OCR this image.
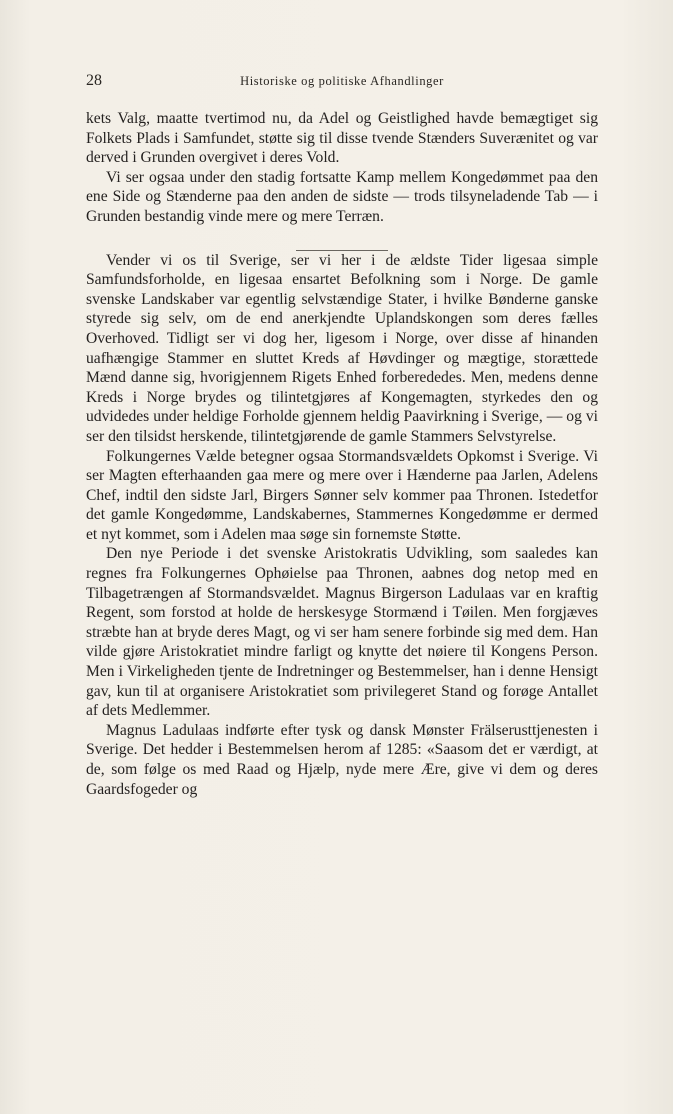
28	Historiske og politiske Afhandlinger

kets Valg, maatte tvertimod nu, da Adel og Geistlighed havde bemægtiget sig Folkets Plads i Samfundet, støtte sig til disse tvende Stænders Suverænitet og var derved i Grunden overgivet i deres Vold.

Vi ser ogsaa under den stadig fortsatte Kamp mellem Kongedømmet paa den ene Side og Stænderne paa den anden de sidste — trods tilsyneladende Tab — i Grunden bestandig vinde mere og mere Terræn.

Vender vi os til Sverige, ser vi her i de ældste Tider ligesaa simple Samfundsforholde, en ligesaa ensartet Befolkning som i Norge. De gamle svenske Landskaber var egentlig selvstændige Stater, i hvilke Bønderne ganske styrede sig selv, om de end anerkjendte Uplandskongen som deres fælles Overhoved. Tidligt ser vi dog her, ligesom i Norge, over disse af hinanden uafhængige Stammer en sluttet Kreds af Høvdinger og mægtige, storættede Mænd danne sig, hvorigjennem Rigets Enhed forberededes. Men, medens denne Kreds i Norge brydes og tilintetgjøres af Kongemagten, styrkedes den og udvidedes under heldige Forholde gjennem heldig Paavirkning i Sverige, — og vi ser den tilsidst herskende, tilintetgjørende de gamle Stammers Selvstyrelse.

Folkungernes Vælde betegner ogsaa Stormandsvældets Opkomst i Sverige. Vi ser Magten efterhaanden gaa mere og mere over i Hænderne paa Jarlen, Adelens Chef, indtil den sidste Jarl, Birgers Sønner selv kommer paa Thronen. Istedetfor det gamle Kongedømme, Landskabernes, Stammernes Kongedømme er dermed et nyt kommet, som i Adelen maa søge sin fornemste Støtte.

Den nye Periode i det svenske Aristokratis Udvikling, som saaledes kan regnes fra Folkungernes Ophøielse paa Thronen, aabnes dog netop med en Tilbagetrængen af Stormandsvældet. Magnus Birgerson Ladulaas var en kraftig Regent, som forstod at holde de herskesyge Stormænd i Tøilen. Men forgjæves stræbte han at bryde deres Magt, og vi ser ham senere forbinde sig med dem. Han vilde gjøre Aristokratiet mindre farligt og knytte det nøiere til Kongens Person. Men i Virkeligheden tjente de Indretninger og Bestemmelser, han i denne Hensigt gav, kun til at organisere Aristokratiet som privilegeret Stand og forøge Antallet af dets Medlemmer.

Magnus Ladulaas indførte efter tysk og dansk Mønster Frälserusttjenesten i Sverige. Det hedder i Bestemmelsen herom af 1285: «Saasom det er værdigt, at de, som følge os med Raad og Hjælp, nyde mere Ære, give vi dem og deres Gaardsfogeder og
